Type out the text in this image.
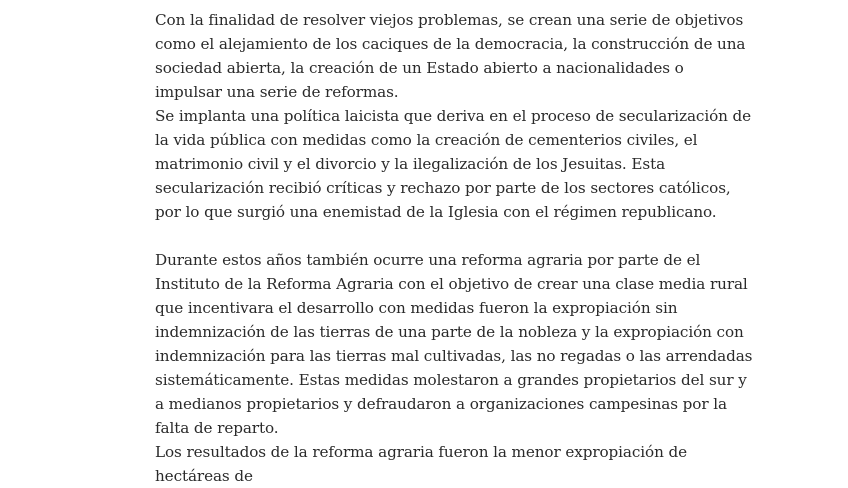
Con la finalidad de resolver viejos problemas, se crean una serie de objetivos como el alejamiento de los caciques de la democracia, la construcción de una sociedad abierta, la creación de un Estado abierto a nacionalidades o impulsar una serie de reformas.

Se implanta una política laicista que deriva en el proceso de secularización de la vida pública con medidas como la creación de cementerios civiles, el matrimonio civil y el divorcio y la ilegalización de los Jesuitas. Esta secularización recibió críticas y rechazo por parte de los sectores católicos, por lo que surgió una enemistad de la Iglesia con el régimen republicano.

Durante estos años también ocurre una reforma agraria por parte de el Instituto de la Reforma Agraria con el objetivo de crear una clase media rural que incentivara el desarrollo con medidas fueron la expropiación sin indemnización de las tierras de una parte de la nobleza y la expropiación con indemnización para las tierras mal cultivadas, las no regadas o las arrendadas sistemáticamente. Estas medidas molestaron a grandes propietarios del sur y a medianos propietarios y defraudaron a organizaciones campesinas por la falta de reparto.

Los resultados de la reforma agraria fueron la menor expropiación de hectáreas de
